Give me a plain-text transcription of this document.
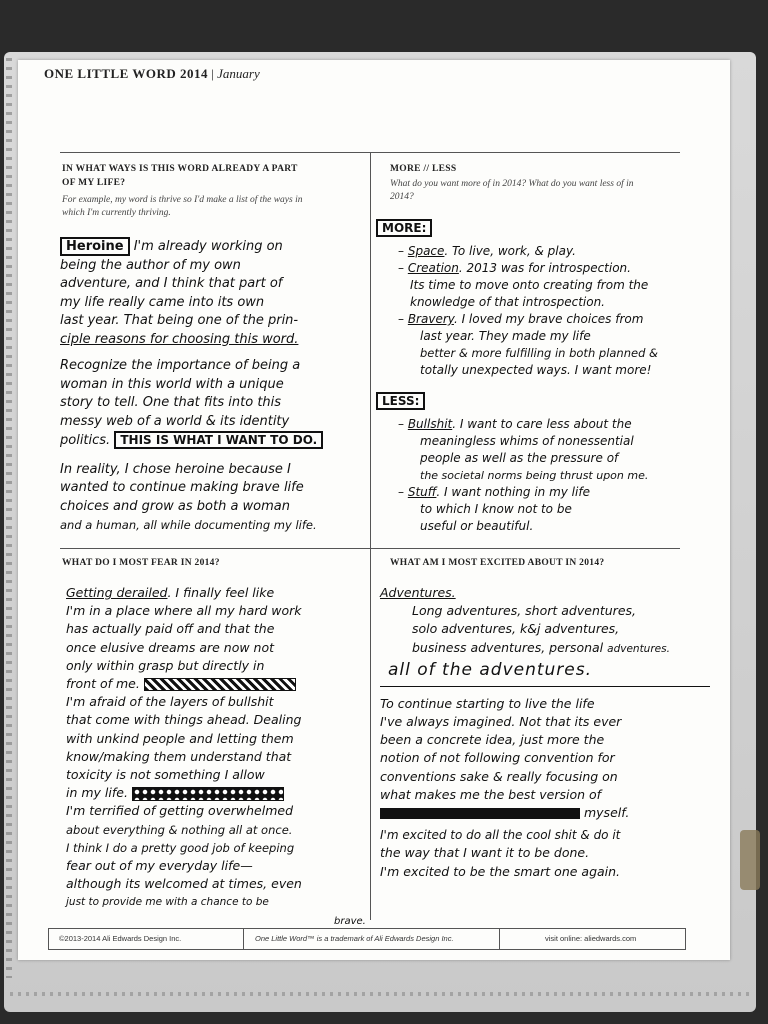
ONE LITTLE WORD 2014 | January
IN WHAT WAYS IS THIS WORD ALREADY A PART
OF MY LIFE?
For example, my word is thrive so I'd make a list of the ways in
which I'm currently thriving.
Heroine I'm already working on
being the author of my own
adventure, and I think that part of
my life really came into its own
last year. That being one of the prin-
ciple reasons for choosing this word.
Recognize the importance of being a
woman in this world with a unique
story to tell. One that fits into this
messy web of a world & its identity
politics. THIS IS WHAT I WANT TO DO.
In reality, I chose heroine because I
wanted to continue making brave life
choices and grow as both a woman
and a human, all while documenting my life.
MORE // LESS
What do you want more of in 2014? What do you want less of in
2014?
MORE:
– Space. To live, work, & play.
– Creation. 2013 was for introspection.
Its time to move onto creating from the
knowledge of that introspection.
– Bravery. I loved my brave choices from
last year. They made my life
better & more fulfilling in both planned &
totally unexpected ways. I want more!
LESS:
– Bullshit. I want to care less about the
meaningless whims of nonessential
people as well as the pressure of
the societal norms being thrust upon me.
– Stuff. I want nothing in my life
to which I know not to be
useful or beautiful.
WHAT DO I MOST FEAR IN 2014?
Getting derailed. I finally feel like
I'm in a place where all my hard work
has actually paid off and that the
once elusive dreams are now not
only within grasp but directly in
front of me.
I'm afraid of the layers of bullshit
that come with things ahead. Dealing
with unkind people and letting them
know/making them understand that
toxicity is not something I allow
in my life.
I'm terrified of getting overwhelmed
about everything & nothing all at once.
I think I do a pretty good job of keeping
fear out of my everyday life—
although its welcomed at times, even
just to provide me with a chance to be
brave.
WHAT AM I MOST EXCITED ABOUT IN 2014?
Adventures.
Long adventures, short adventures,
solo adventures, k&j adventures,
business adventures, personal adventures.
all of the adventures.
To continue starting to live the life
I've always imagined. Not that its ever
been a concrete idea, just more the
notion of not following convention for
conventions sake & really focusing on
what makes me the best version of
myself.
I'm excited to do all the cool shit & do it
the way that I want it to be done.
I'm excited to be the smart one again.
©2013-2014 Ali Edwards Design Inc.	One Little Word™ is a trademark of Ali Edwards Design Inc.	visit online: aliedwards.com
